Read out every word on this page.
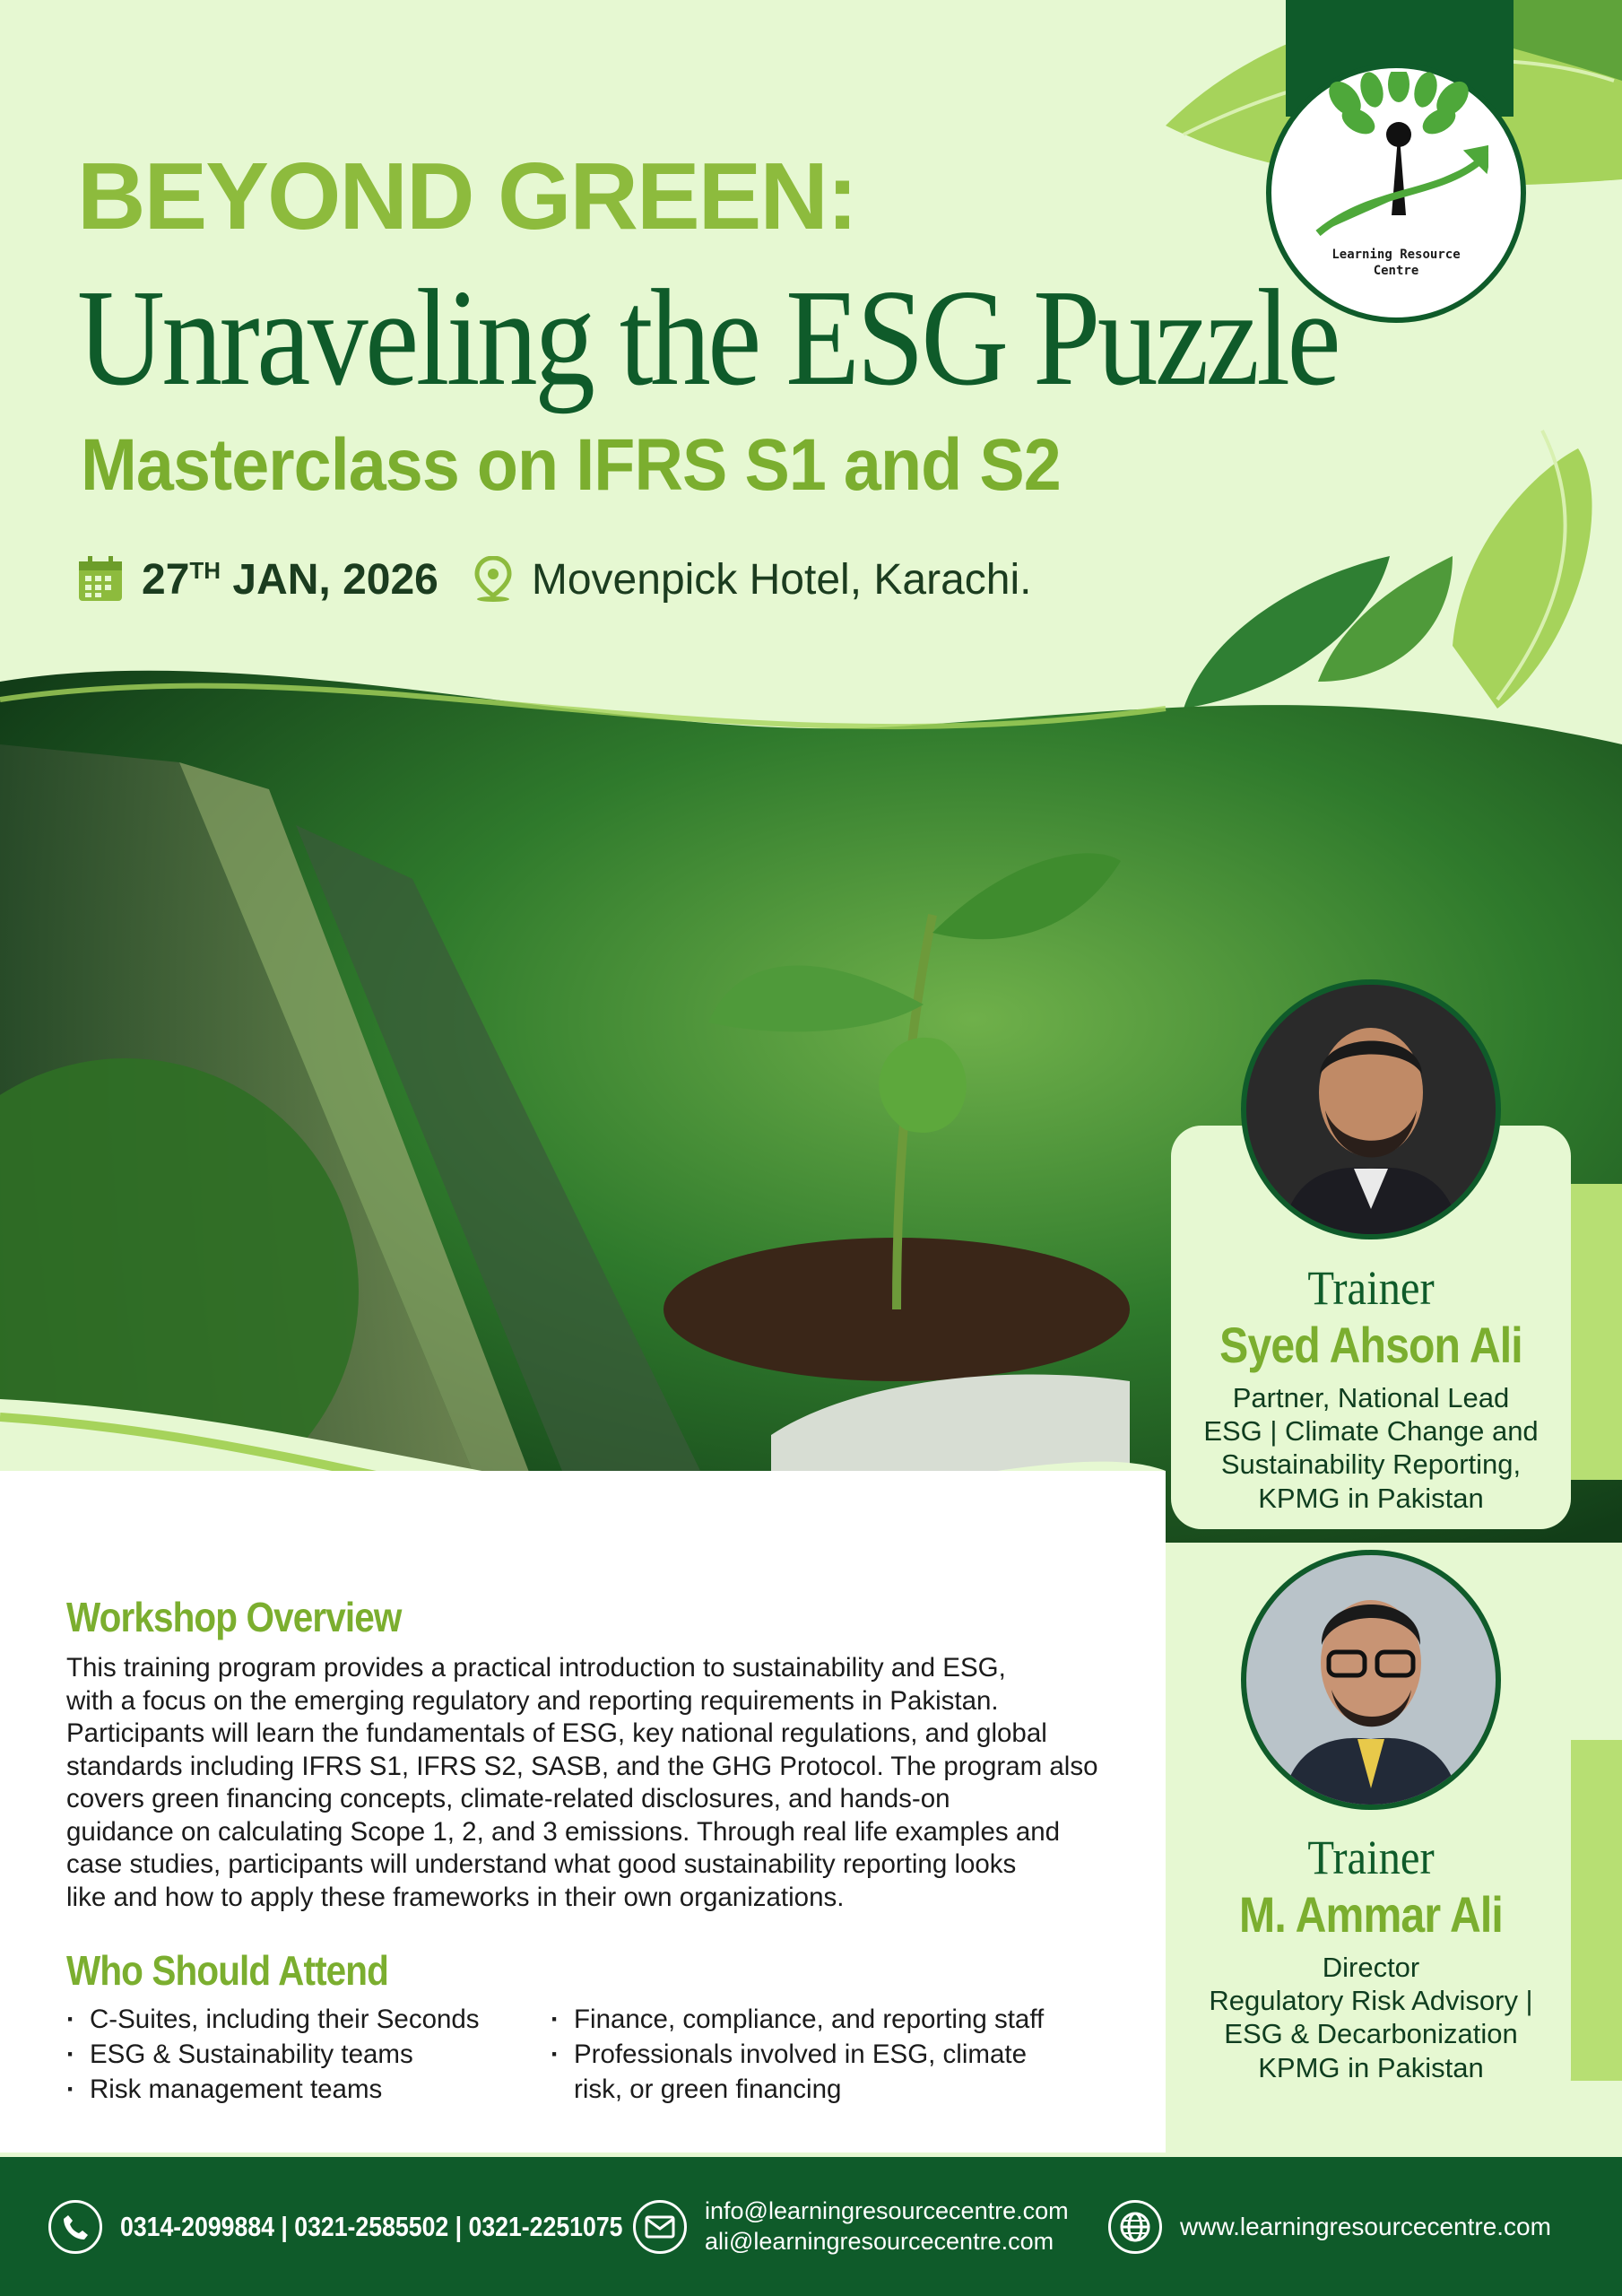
Learning Resource
Centre
BEYOND GREEN:
Unraveling the ESG Puzzle
Masterclass on IFRS S1 and S2
27TH JAN, 2026 Movenpick Hotel, Karachi.
Trainer
Syed Ahson Ali
Partner, National Lead
ESG | Climate Change and
Sustainability Reporting,
KPMG in Pakistan
Trainer
M. Ammar Ali
Director
Regulatory Risk Advisory |
ESG & Decarbonization
KPMG in Pakistan
Workshop Overview
This training program provides a practical introduction to sustainability and ESG,
with a focus on the emerging regulatory and reporting requirements in Pakistan.
Participants will learn the fundamentals of ESG, key national regulations, and global
standards including IFRS S1, IFRS S2, SASB, and the GHG Protocol. The program also
covers green financing concepts, climate-related disclosures, and hands-on
guidance on calculating Scope 1, 2, and 3 emissions. Through real life examples and
case studies, participants will understand what good sustainability reporting looks
like and how to apply these frameworks in their own organizations.
Who Should Attend
· C-Suites, including their Seconds
· ESG & Sustainability teams
· Risk management teams
· Finance, compliance, and reporting staff
· Professionals involved in ESG, climate
risk, or green financing
0314-2099884 | 0321-2585502 | 0321-2251075	info@learningresourcecentre.com
ali@learningresourcecentre.com
www.learningresourcecentre.com
